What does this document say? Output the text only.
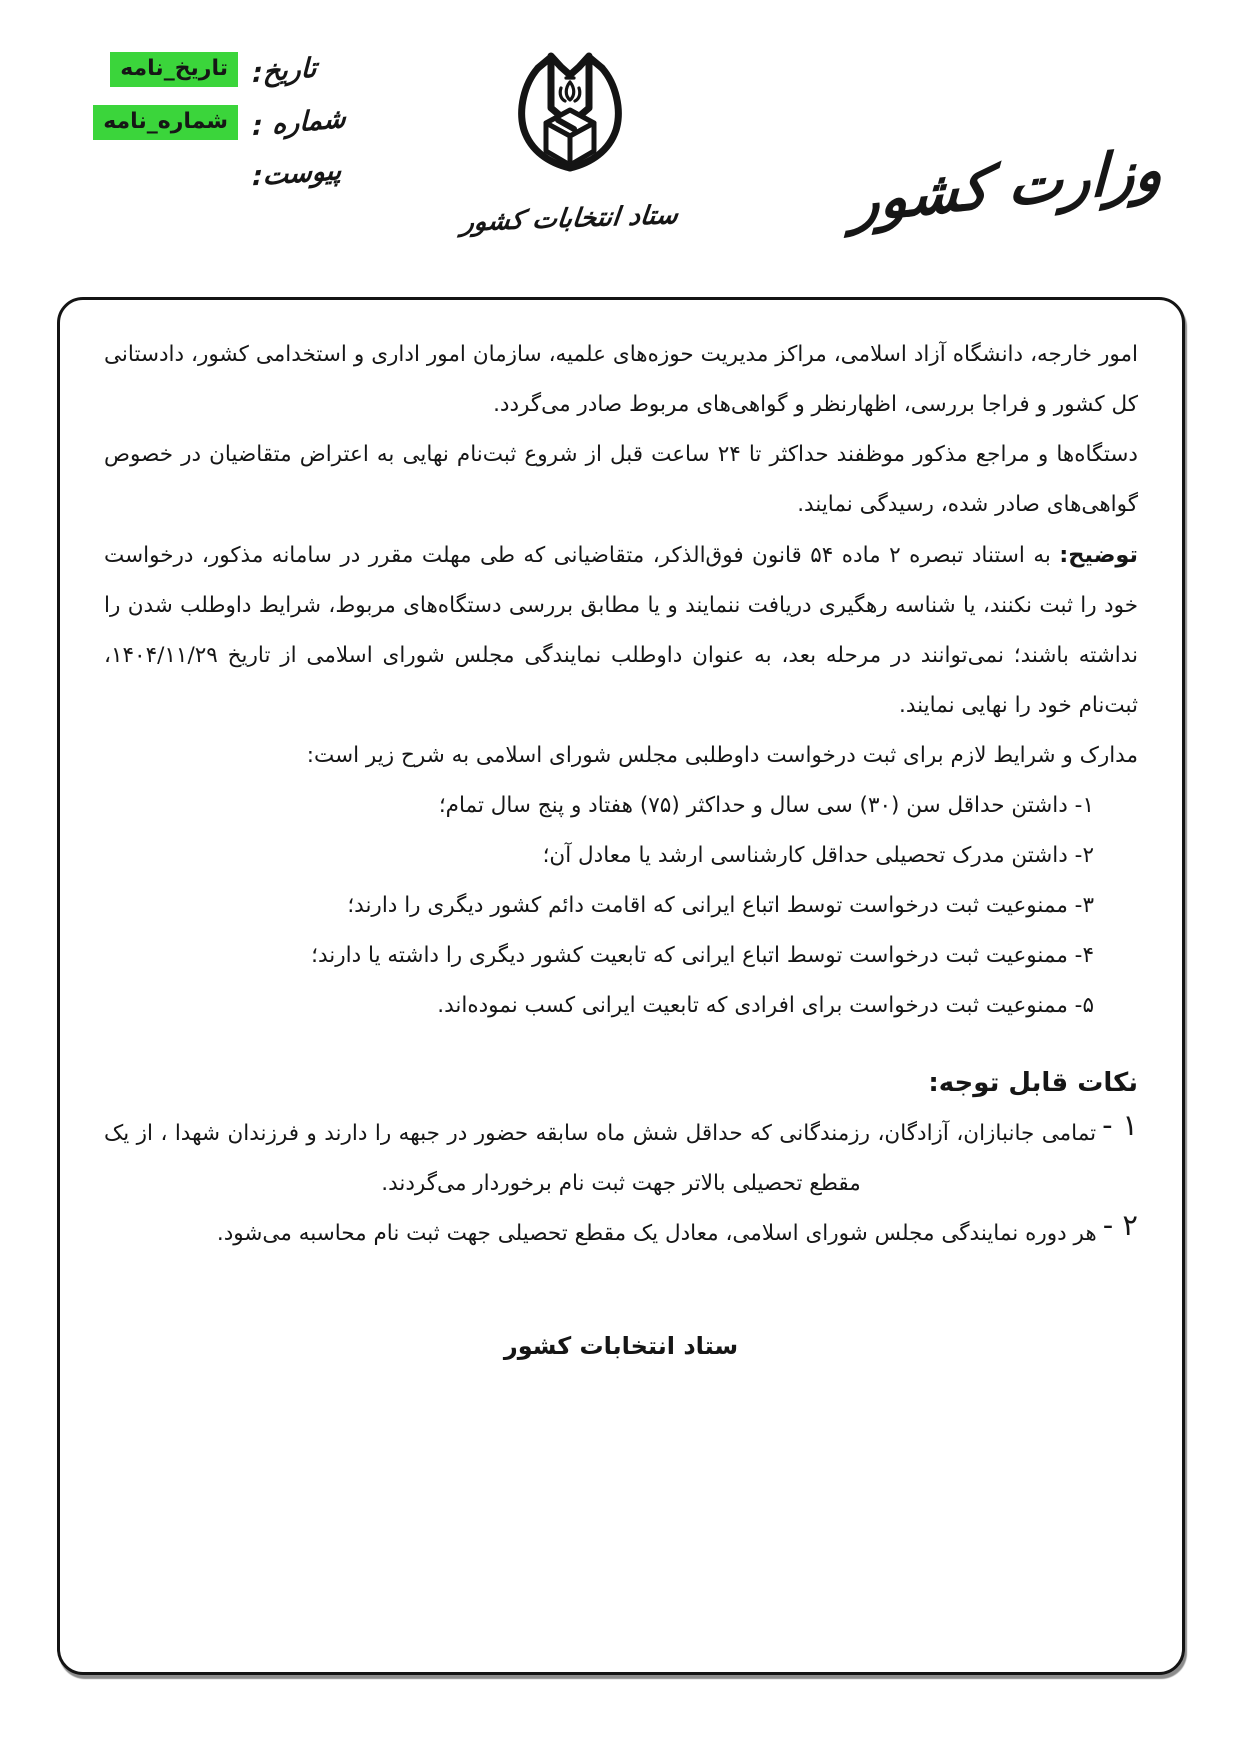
تاریخ:
تاریخ_نامه
شماره :
شماره_نامه
پیوست:
ستاد انتخابات کشور	وزارت کشور

امور خارجه، دانشگاه آزاد اسلامی، مراکز مدیریت حوزه‌های علمیه، سازمان امور اداری و استخدامی کشور، دادستانی کل کشور و فراجا بررسی، اظهارنظر و گواهی‌های مربوط صادر می‌گردد.

دستگاه‌ها و مراجع مذکور موظفند حداکثر تا ۲۴ ساعت قبل از شروع ثبت‌نام نهایی به اعتراض متقاضیان در خصوص گواهی‌های صادر شده، رسیدگی نمایند.

توضیح: به استناد تبصره ۲ ماده ۵۴ قانون فوق‌الذکر، متقاضیانی که طی مهلت مقرر در سامانه مذکور، درخواست خود را ثبت نکنند، یا شناسه رهگیری دریافت ننمایند و یا مطابق بررسی دستگاه‌های مربوط، شرایط داوطلب شدن را نداشته باشند؛ نمی‌توانند در مرحله بعد، به عنوان داوطلب نمایندگی مجلس شورای اسلامی از تاریخ ۱۴۰۴/۱۱/۲۹، ثبت‌نام خود را نهایی نمایند.

مدارک و شرایط لازم برای ثبت درخواست داوطلبی مجلس شورای اسلامی به شرح زیر است:

۱- داشتن حداقل سن (۳۰) سی سال و حداکثر (۷۵) هفتاد و پنج سال تمام؛
۲- داشتن مدرک تحصیلی حداقل کارشناسی ارشد یا معادل آن؛
۳- ممنوعیت ثبت درخواست توسط اتباع ایرانی که اقامت دائم کشور دیگری را دارند؛
۴- ممنوعیت ثبت درخواست توسط اتباع ایرانی که تابعیت کشور دیگری را داشته یا دارند؛
۵- ممنوعیت ثبت درخواست برای افرادی که تابعیت ایرانی کسب نموده‌اند.
نکات قابل توجه:

۱ -تمامی جانبازان، آزادگان، رزمندگانی که حداقل شش ماه سابقه حضور در جبهه را دارند و فرزندان شهدا ، از یک مقطع تحصیلی بالاتر جهت ثبت نام برخوردار می‌گردند.

۲ -هر دوره نمایندگی مجلس شورای اسلامی، معادل یک مقطع تحصیلی جهت ثبت نام محاسبه می‌شود.

ستاد انتخابات کشور
